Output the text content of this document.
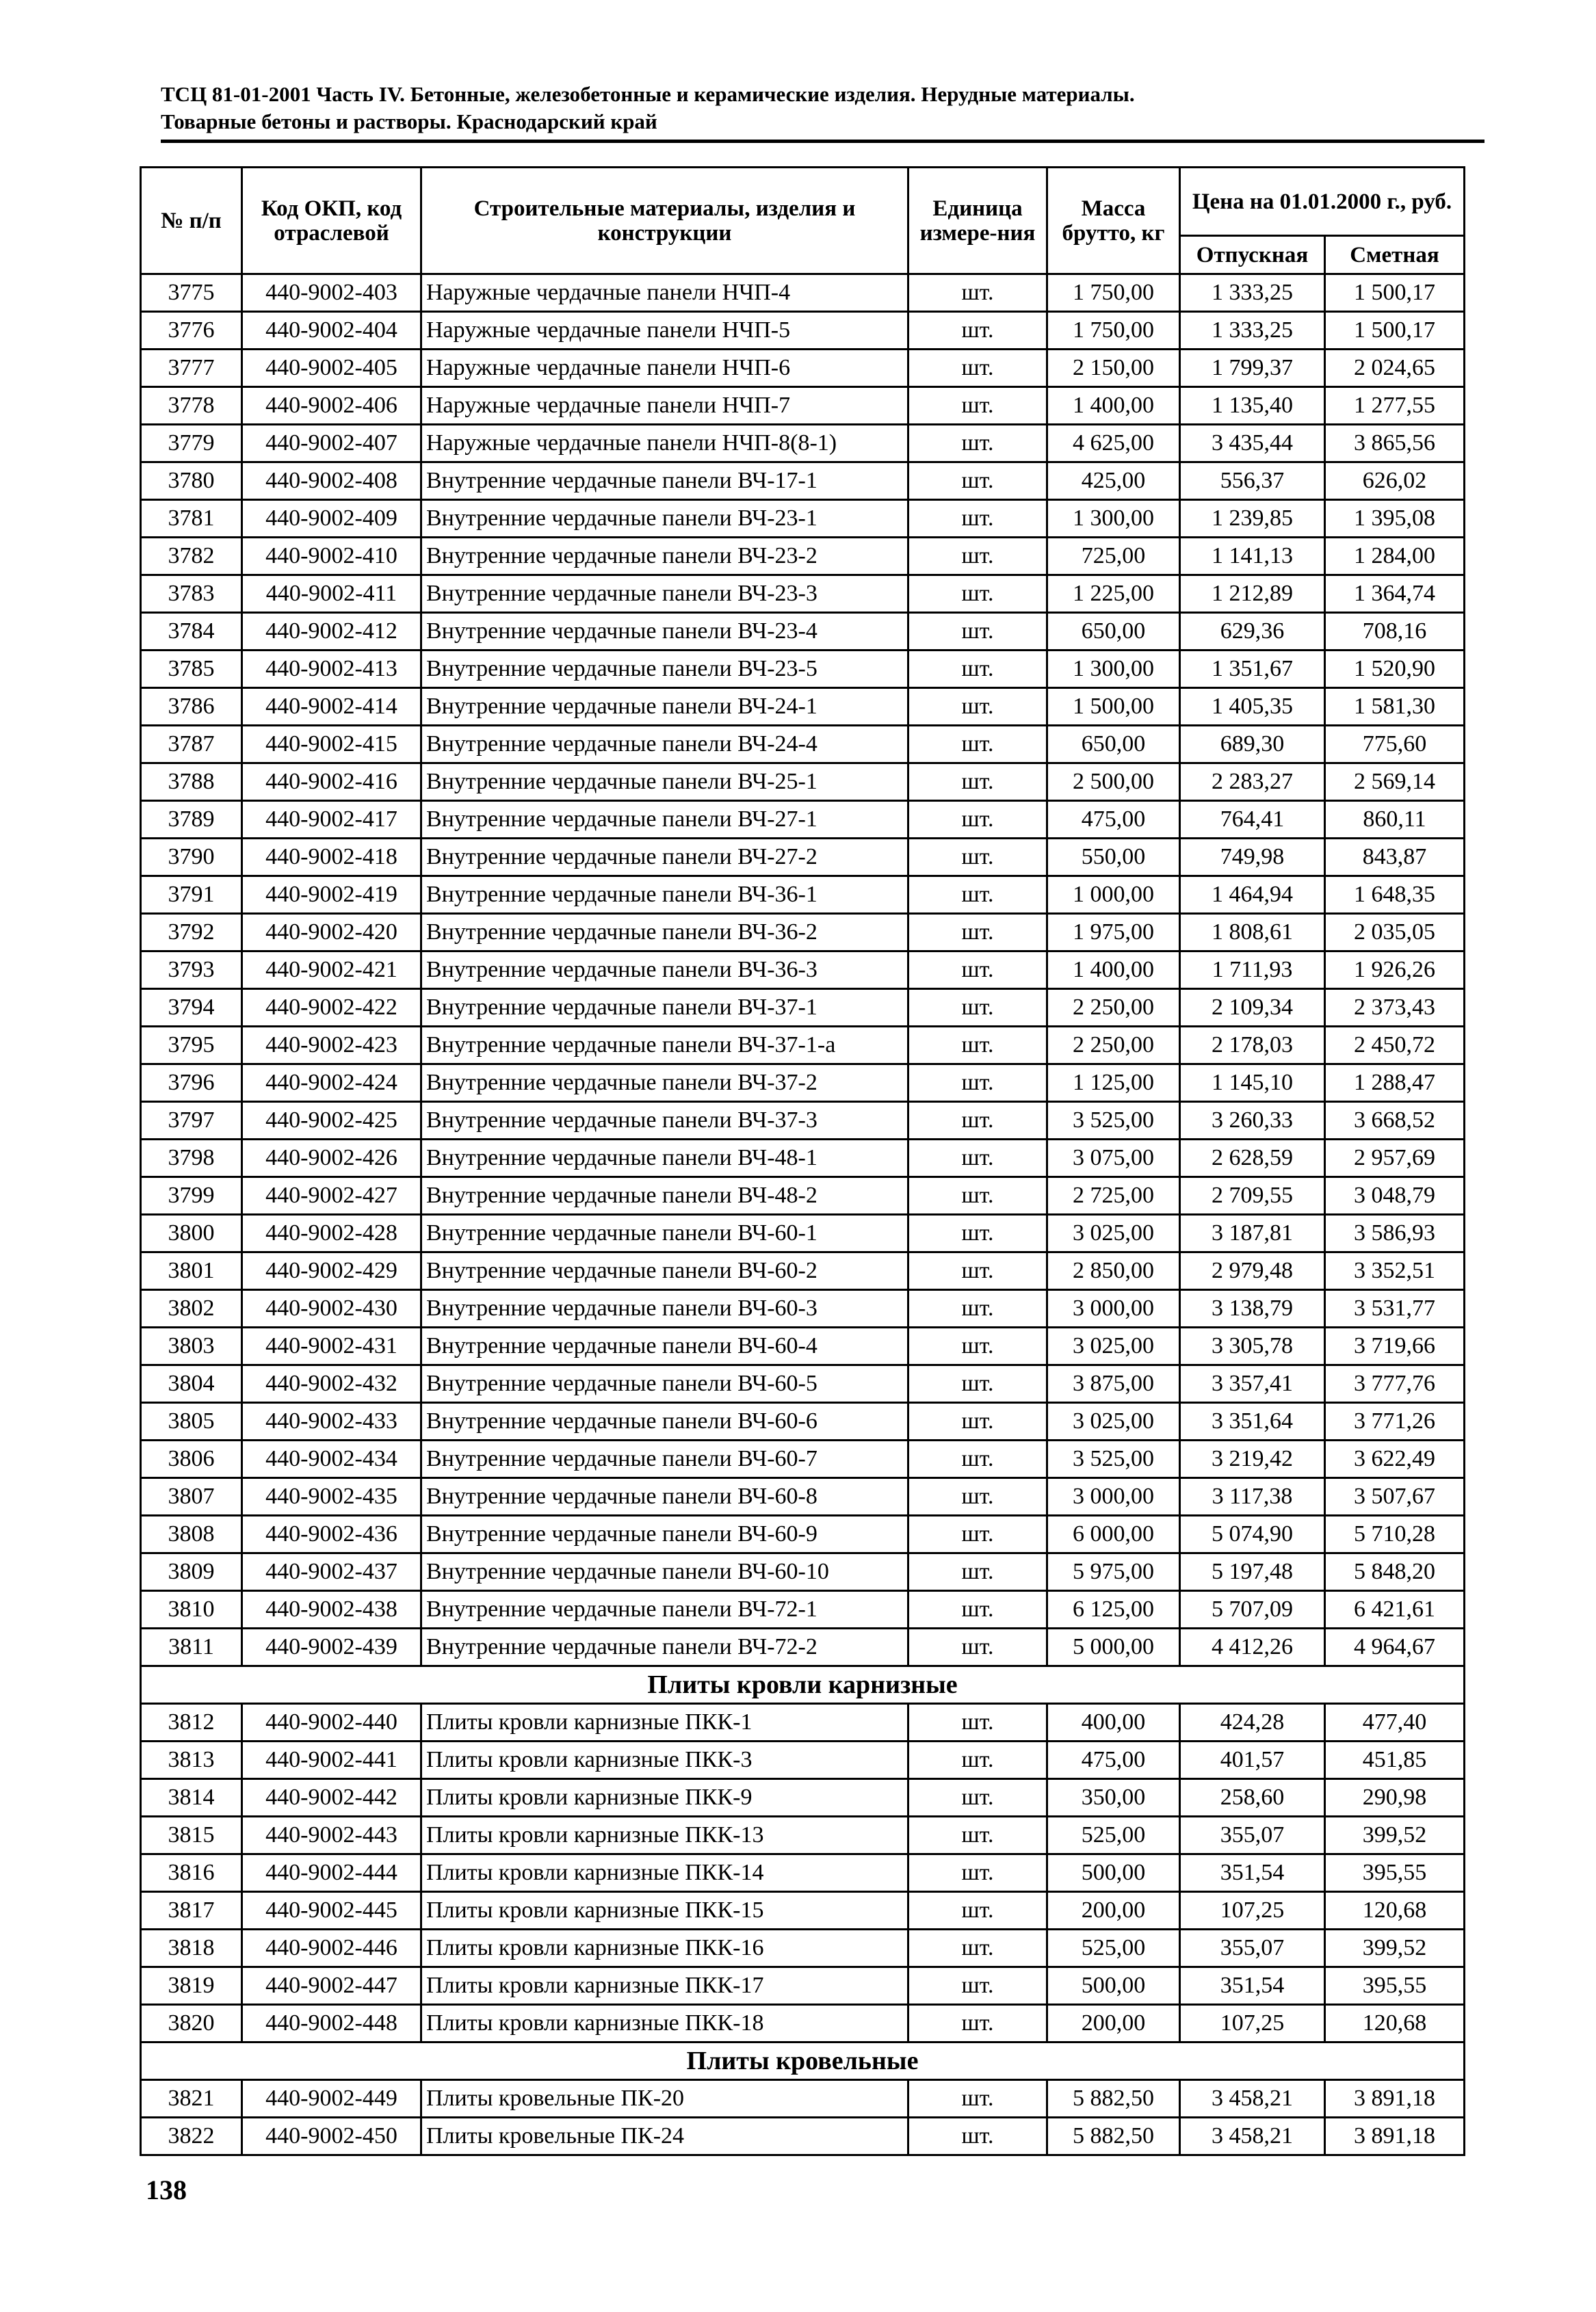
ТСЦ 81-01-2001 Часть IV. Бетонные, железобетонные и керамические изделия. Нерудные материалы.
Товарные бетоны и растворы. Краснодарский край
№ п/п	Код ОКП, код отраслевой	Строительные материалы, изделия и конструкции	Единица измере-ния	Масса брутто, кг	Цена на 01.01.2000 г., руб.	
					Отпускная	Сметная
3775	440-9002-403	Наружные чердачные панели НЧП-4	шт.	1 750,00	1 333,25	1 500,17
3776	440-9002-404	Наружные чердачные панели НЧП-5	шт.	1 750,00	1 333,25	1 500,17
3777	440-9002-405	Наружные чердачные панели НЧП-6	шт.	2 150,00	1 799,37	2 024,65
3778	440-9002-406	Наружные чердачные панели НЧП-7	шт.	1 400,00	1 135,40	1 277,55
3779	440-9002-407	Наружные чердачные панели НЧП-8(8-1)	шт.	4 625,00	3 435,44	3 865,56
3780	440-9002-408	Внутренние чердачные панели ВЧ-17-1	шт.	425,00	556,37	626,02
3781	440-9002-409	Внутренние чердачные панели ВЧ-23-1	шт.	1 300,00	1 239,85	1 395,08
3782	440-9002-410	Внутренние чердачные панели ВЧ-23-2	шт.	725,00	1 141,13	1 284,00
3783	440-9002-411	Внутренние чердачные панели ВЧ-23-3	шт.	1 225,00	1 212,89	1 364,74
3784	440-9002-412	Внутренние чердачные панели ВЧ-23-4	шт.	650,00	629,36	708,16
3785	440-9002-413	Внутренние чердачные панели ВЧ-23-5	шт.	1 300,00	1 351,67	1 520,90
3786	440-9002-414	Внутренние чердачные панели ВЧ-24-1	шт.	1 500,00	1 405,35	1 581,30
3787	440-9002-415	Внутренние чердачные панели ВЧ-24-4	шт.	650,00	689,30	775,60
3788	440-9002-416	Внутренние чердачные панели ВЧ-25-1	шт.	2 500,00	2 283,27	2 569,14
3789	440-9002-417	Внутренние чердачные панели ВЧ-27-1	шт.	475,00	764,41	860,11
3790	440-9002-418	Внутренние чердачные панели ВЧ-27-2	шт.	550,00	749,98	843,87
3791	440-9002-419	Внутренние чердачные панели ВЧ-36-1	шт.	1 000,00	1 464,94	1 648,35
3792	440-9002-420	Внутренние чердачные панели ВЧ-36-2	шт.	1 975,00	1 808,61	2 035,05
3793	440-9002-421	Внутренние чердачные панели ВЧ-36-3	шт.	1 400,00	1 711,93	1 926,26
3794	440-9002-422	Внутренние чердачные панели ВЧ-37-1	шт.	2 250,00	2 109,34	2 373,43
3795	440-9002-423	Внутренние чердачные панели ВЧ-37-1-а	шт.	2 250,00	2 178,03	2 450,72
3796	440-9002-424	Внутренние чердачные панели ВЧ-37-2	шт.	1 125,00	1 145,10	1 288,47
3797	440-9002-425	Внутренние чердачные панели ВЧ-37-3	шт.	3 525,00	3 260,33	3 668,52
3798	440-9002-426	Внутренние чердачные панели ВЧ-48-1	шт.	3 075,00	2 628,59	2 957,69
3799	440-9002-427	Внутренние чердачные панели ВЧ-48-2	шт.	2 725,00	2 709,55	3 048,79
3800	440-9002-428	Внутренние чердачные панели ВЧ-60-1	шт.	3 025,00	3 187,81	3 586,93
3801	440-9002-429	Внутренние чердачные панели ВЧ-60-2	шт.	2 850,00	2 979,48	3 352,51
3802	440-9002-430	Внутренние чердачные панели ВЧ-60-3	шт.	3 000,00	3 138,79	3 531,77
3803	440-9002-431	Внутренние чердачные панели ВЧ-60-4	шт.	3 025,00	3 305,78	3 719,66
3804	440-9002-432	Внутренние чердачные панели ВЧ-60-5	шт.	3 875,00	3 357,41	3 777,76
3805	440-9002-433	Внутренние чердачные панели ВЧ-60-6	шт.	3 025,00	3 351,64	3 771,26
3806	440-9002-434	Внутренние чердачные панели ВЧ-60-7	шт.	3 525,00	3 219,42	3 622,49
3807	440-9002-435	Внутренние чердачные панели ВЧ-60-8	шт.	3 000,00	3 117,38	3 507,67
3808	440-9002-436	Внутренние чердачные панели ВЧ-60-9	шт.	6 000,00	5 074,90	5 710,28
3809	440-9002-437	Внутренние чердачные панели ВЧ-60-10	шт.	5 975,00	5 197,48	5 848,20
3810	440-9002-438	Внутренние чердачные панели ВЧ-72-1	шт.	6 125,00	5 707,09	6 421,61
3811	440-9002-439	Внутренние чердачные панели ВЧ-72-2	шт.	5 000,00	4 412,26	4 964,67
Плиты кровли карнизные						
3812	440-9002-440	Плиты кровли карнизные ПКК-1	шт.	400,00	424,28	477,40
3813	440-9002-441	Плиты кровли карнизные ПКК-3	шт.	475,00	401,57	451,85
3814	440-9002-442	Плиты кровли карнизные ПКК-9	шт.	350,00	258,60	290,98
3815	440-9002-443	Плиты кровли карнизные ПКК-13	шт.	525,00	355,07	399,52
3816	440-9002-444	Плиты кровли карнизные ПКК-14	шт.	500,00	351,54	395,55
3817	440-9002-445	Плиты кровли карнизные ПКК-15	шт.	200,00	107,25	120,68
3818	440-9002-446	Плиты кровли карнизные ПКК-16	шт.	525,00	355,07	399,52
3819	440-9002-447	Плиты кровли карнизные ПКК-17	шт.	500,00	351,54	395,55
3820	440-9002-448	Плиты кровли карнизные ПКК-18	шт.	200,00	107,25	120,68
Плиты кровельные						
3821	440-9002-449	Плиты кровельные ПК-20	шт.	5 882,50	3 458,21	3 891,18
3822	440-9002-450	Плиты кровельные ПК-24	шт.	5 882,50	3 458,21	3 891,18
138
